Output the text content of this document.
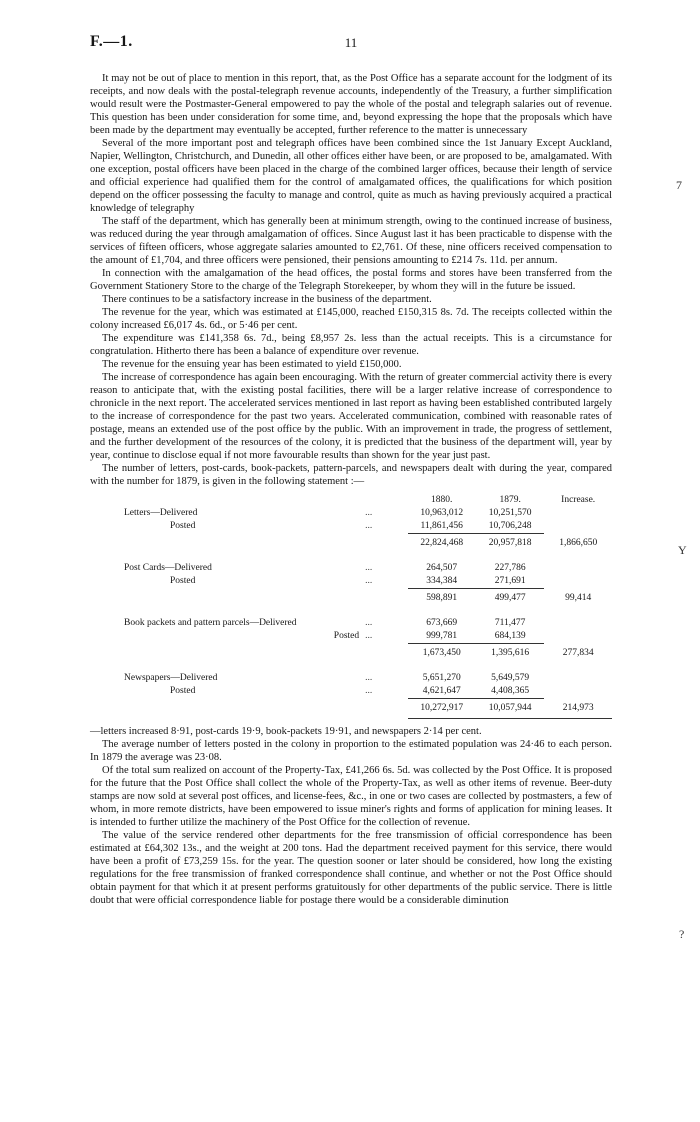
F.—1.	11

It may not be out of place to mention in this report, that, as the Post Office has a separate account for the lodgment of its receipts, and now deals with the postal-telegraph revenue accounts, independently of the Treasury, a further simplification would result were the Postmaster-General empowered to pay the whole of the postal and telegraph salaries out of revenue. This question has been under consideration for some time, and, beyond expressing the hope that the proposals which have been made by the department may eventually be accepted, further reference to the matter is unnecessary

Several of the more important post and telegraph offices have been combined since the 1st January Except Auckland, Napier, Wellington, Christchurch, and Dunedin, all other offices either have been, or are proposed to be, amalgamated. With one exception, postal officers have been placed in the charge of the combined larger offices, because their length of service and official experience had qualified them for the control of amalgamated offices, the qualifications for which position depend on the officer possessing the faculty to manage and control, quite as much as having previously acquired a practical knowledge of telegraphy

The staff of the department, which has generally been at minimum strength, owing to the continued increase of business, was reduced during the year through amalgamation of offices. Since August last it has been practicable to dispense with the services of fifteen officers, whose aggregate salaries amounted to £2,761. Of these, nine officers received compensation to the amount of £1,704, and three officers were pensioned, their pensions amounting to £214 7s. 11d. per annum.

In connection with the amalgamation of the head offices, the postal forms and stores have been transferred from the Government Stationery Store to the charge of the Telegraph Storekeeper, by whom they will in the future be issued.

There continues to be a satisfactory increase in the business of the department.

The revenue for the year, which was estimated at £145,000, reached £150,315 8s. 7d. The receipts collected within the colony increased £6,017 4s. 6d., or 5·46 per cent.

The expenditure was £141,358 6s. 7d., being £8,957 2s. less than the actual receipts. This is a circumstance for congratulation. Hitherto there has been a balance of expenditure over revenue.

The revenue for the ensuing year has been estimated to yield £150,000.

The increase of correspondence has again been encouraging. With the return of greater commercial activity there is every reason to anticipate that, with the existing postal facilities, there will be a larger relative increase of correspondence to chronicle in the next report. The accelerated services mentioned in last report as having been established contributed largely to the increase of correspondence for the past two years. Accelerated communication, combined with reasonable rates of postage, means an extended use of the post office by the public. With an improvement in trade, the progress of settlement, and the further development of the resources of the colony, it is predicted that the business of the department will, year by year, continue to disclose equal if not more favourable results than shown for the year just past.

The number of letters, post-cards, book-packets, pattern-parcels, and newspapers dealt with during the year, compared with the number for 1879, is given in the following statement :—

		1880.	1879.	Increase.
Letters—Delivered	...	10,963,012	10,251,570	
Posted	...	11,861,456	10,706,248	
		22,824,468	20,957,818	1,866,650

Post Cards—Delivered	...	264,507	227,786	
Posted	...	334,384	271,691	
		598,891	499,477	99,414

Book packets and pattern parcels—Delivered	...	673,669	711,477	
Posted	...	999,781	684,139	
		1,673,450	1,395,616	277,834

Newspapers—Delivered	...	5,651,270	5,649,579	
Posted	...	4,621,647	4,408,365	
		10,272,917	10,057,944	214,973

—letters increased 8·91, post-cards 19·9, book-packets 19·91, and newspapers 2·14 per cent.

The average number of letters posted in the colony in proportion to the estimated population was 24·46 to each person. In 1879 the average was 23·08.

Of the total sum realized on account of the Property-Tax, £41,266 6s. 5d. was collected by the Post Office. It is proposed for the future that the Post Office shall collect the whole of the Property-Tax, as well as other items of revenue. Beer-duty stamps are now sold at several post offices, and license-fees, &c., in one or two cases are collected by postmasters, a few of whom, in more remote districts, have been empowered to issue miner's rights and forms of application for mining leases. It is intended to further utilize the machinery of the Post Office for the collection of revenue.

The value of the service rendered other departments for the free transmission of official correspondence has been estimated at £64,302 13s., and the weight at 200 tons. Had the department received payment for this service, there would have been a profit of £73,259 15s. for the year. The question sooner or later should be considered, how long the existing regulations for the free transmission of franked correspondence shall continue, and whether or not the Post Office should obtain payment for that which it at present performs gratuitously for other departments of the public service. There is little doubt that were official correspondence liable for postage there would be a considerable diminution

7
Y
?
